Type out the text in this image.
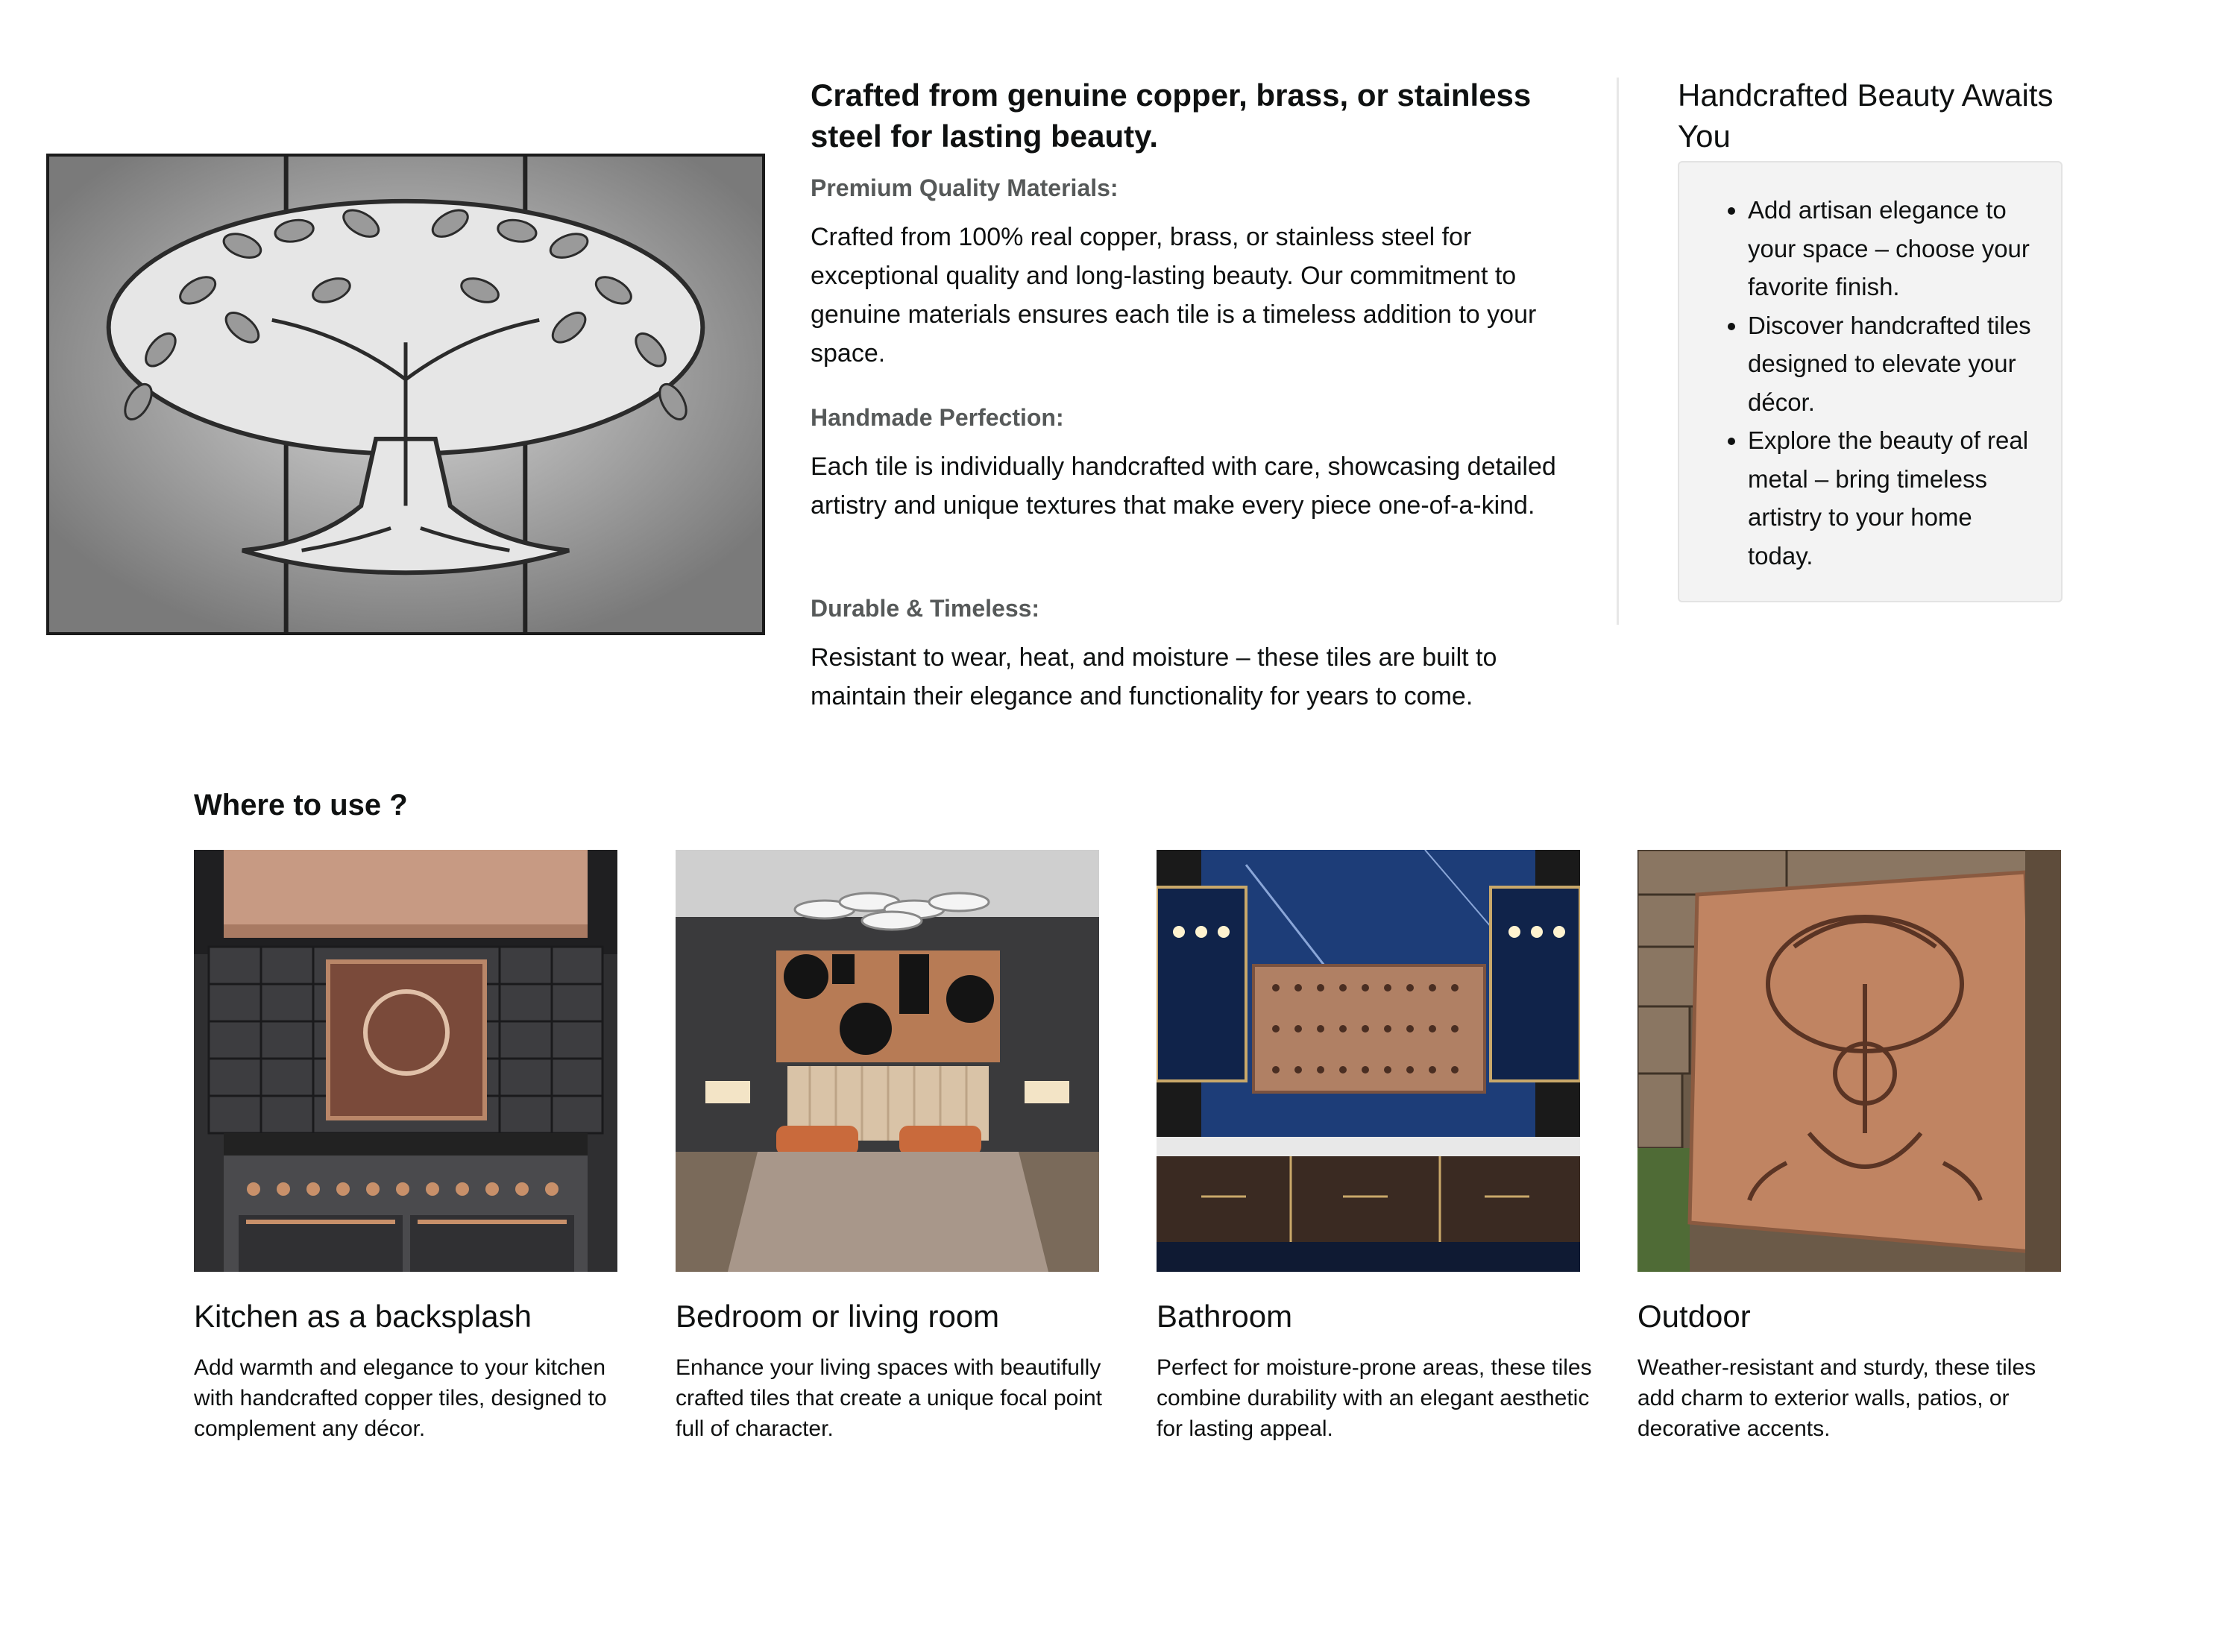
Crafted from genuine copper, brass, or stainless steel for lasting beauty.
Premium Quality Materials:
Crafted from 100% real copper, brass, or stainless steel for exceptional quality and long-lasting beauty. Our commitment to genuine materials ensures each tile is a timeless addition to your space.
Handmade Perfection:
Each tile is individually handcrafted with care, showcasing detailed artistry and unique textures that make every piece one-of-a-kind.
Durable & Timeless:
Resistant to wear, heat, and moisture – these tiles are built to maintain their elegance and functionality for years to come.
Handcrafted Beauty Awaits You
• Add artisan elegance to your space – choose your favorite finish.
• Discover handcrafted tiles designed to elevate your décor.
• Explore the beauty of real metal – bring timeless artistry to your home today.
Where to use ?
Kitchen as a backsplash
Add warmth and elegance to your kitchen with handcrafted copper tiles, designed to complement any décor.
Bedroom or living room
Enhance your living spaces with beautifully crafted tiles that create a unique focal point full of character.
Bathroom
Perfect for moisture-prone areas, these tiles combine durability with an elegant aesthetic for lasting appeal.
Outdoor
Weather-resistant and sturdy, these tiles add charm to exterior walls, patios, or decorative accents.
